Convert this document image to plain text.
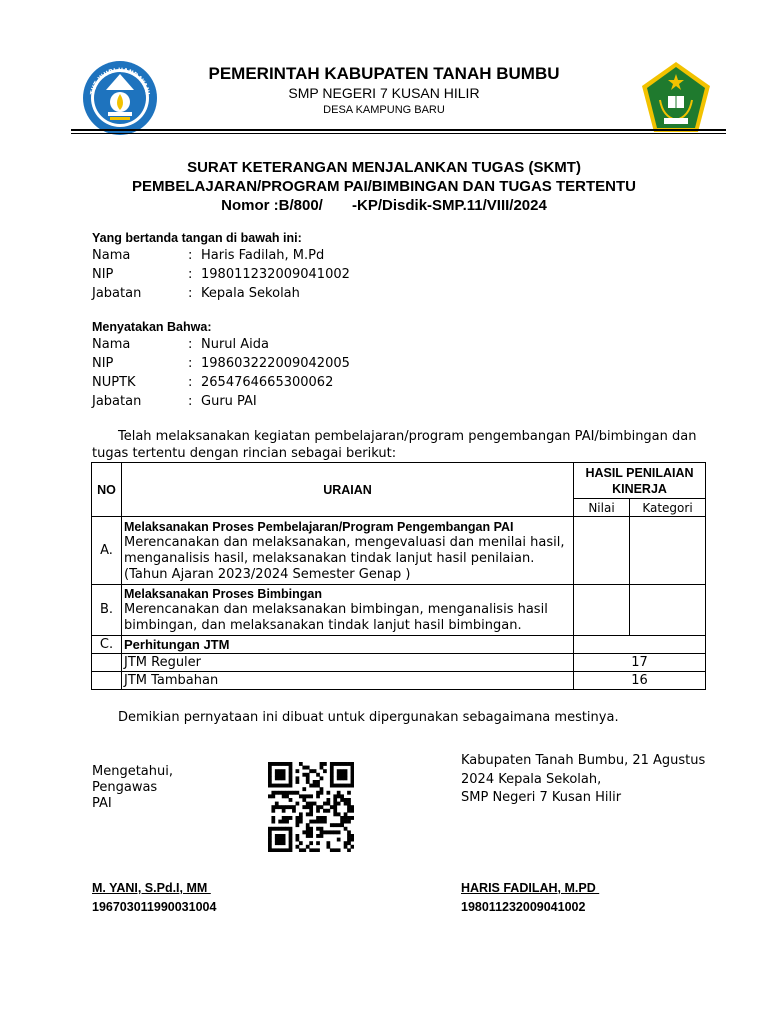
TUT WURI HANDAYANI
PEMERINTAH KABUPATEN TANAH BUMBU
SMP NEGERI 7 KUSAN HILIR
DESA KAMPUNG BARU
SURAT KETERANGAN MENJALANKAN TUGAS (SKMT)
PEMBELAJARAN/PROGRAM PAI/BIMBINGAN DAN TUGAS TERTENTU
Nomor :B/800/       -KP/Disdik-SMP.11/VIII/2024
Yang bertanda tangan di bawah ini:
Nama	: Haris Fadilah, M.Pd
NIP	: 198011232009041002
Jabatan	: Kepala Sekolah
Menyatakan Bahwa:
Nama	: Nurul Aida
NIP	: 198603222009042005
NUPTK	: 2654764665300062
Jabatan	: Guru PAI
Telah melaksanakan kegiatan pembelajaran/program pengembangan PAI/bimbingan dan
tugas tertentu dengan rincian sebagai berikut:
NO	URAIAN	HASIL PENILAIAN KINERJA	
		Nilai	Kategori
A.	Melaksanakan Proses Pembelajaran/Program Pengembangan PAI
Merencanakan dan melaksanakan, mengevaluasi dan menilai hasil, menganalisis hasil, melaksanakan tindak lanjut hasil penilaian. (Tahun Ajaran 2023/2024 Semester Genap )		

B.	Melaksanakan Proses Bimbingan
Merencanakan dan melaksanakan bimbingan, menganalisis hasil bimbingan, dan melaksanakan tindak lanjut hasil bimbingan.		

C.	Perhitungan JTM		
	JTM Reguler	17	
	JTM Tambahan	16	
Demikian pernyataan ini dibuat untuk dipergunakan sebagaimana mestinya.
Mengetahui,
Pengawas
PAI
M. YANI, S.Pd.I, MM
196703011990031004
Kabupaten Tanah Bumbu, 21 Agustus
2024 Kepala Sekolah,
SMP Negeri 7 Kusan Hilir
HARIS FADILAH, M.PD
198011232009041002
